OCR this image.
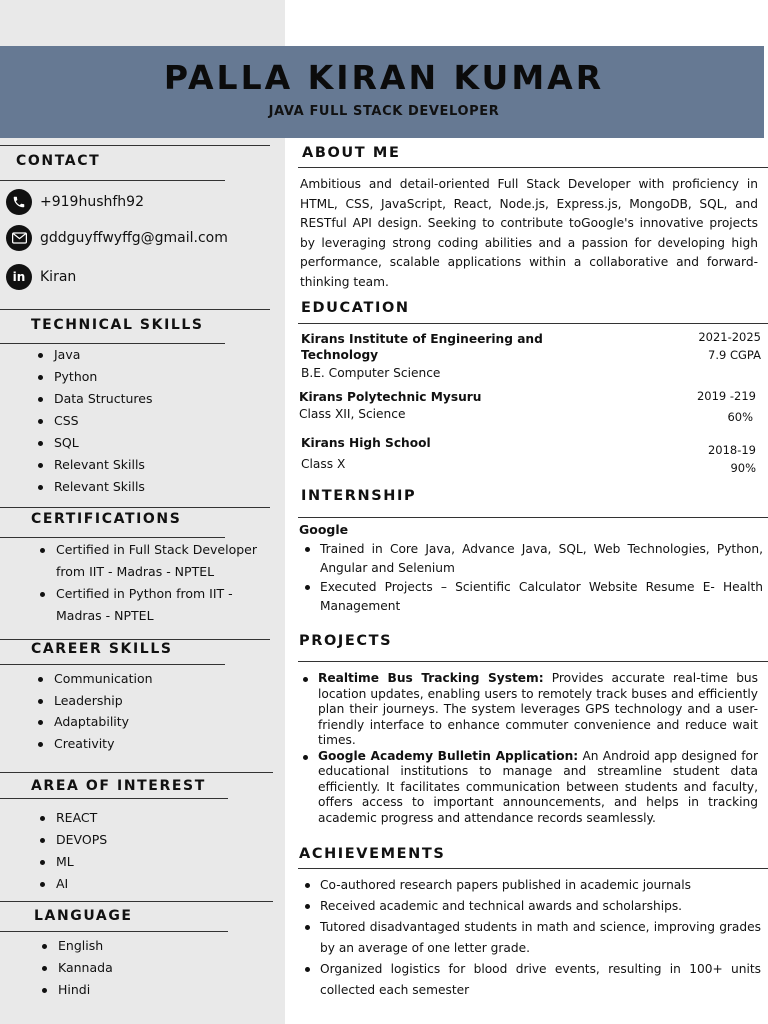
PALLA KIRAN KUMAR
JAVA FULL STACK DEVELOPER
CONTACT
+919hushfh92
gddguyffwyffg@gmail.com
in	Kiran
TECHNICAL SKILLS
Java
Python
Data Structures
CSS
SQL
Relevant Skills
Relevant Skills
CERTIFICATIONS
Certified in Full Stack Developer from IIT - Madras - NPTEL
Certified in Python from IIT - Madras - NPTEL
CAREER SKILLS
Communication
Leadership
Adaptability
Creativity
AREA OF INTEREST
REACT
DEVOPS
ML
AI
LANGUAGE
English
Kannada
Hindi
ABOUT ME
Ambitious and detail-oriented Full Stack Developer with proficiency in HTML, CSS, JavaScript, React, Node.js, Express.js, MongoDB, SQL, and RESTful API design. Seeking to contribute toGoogle's innovative projects by leveraging strong coding abilities and a passion for developing high performance, scalable applications within a collaborative and forward-thinking team.
EDUCATION
Kirans Institute of Engineering and Technology
B.E. Computer Science
2021-2025
7.9 CGPA
Kirans Polytechnic Mysuru
Class XII, Science
2019 -219
60%
Kirans High School
Class X
2018-19
90%
INTERNSHIP
Google
Trained in Core Java, Advance Java, SQL, Web Technologies, Python, Angular and Selenium
Executed Projects – Scientific Calculator Website Resume E- Health Management
PROJECTS
Realtime Bus Tracking System: Provides accurate real-time bus location updates, enabling users to remotely track buses and efficiently plan their journeys. The system leverages GPS technology and a user-friendly interface to enhance commuter convenience and reduce wait times.
Google Academy Bulletin Application: An Android app designed for educational institutions to manage and streamline student data efficiently. It facilitates communication between students and faculty, offers access to important announcements, and helps in tracking academic progress and attendance records seamlessly.
ACHIEVEMENTS
Co-authored research papers published in academic journals
Received academic and technical awards and scholarships.
Tutored disadvantaged students in math and science, improving grades by an average of one letter grade.
Organized logistics for blood drive events, resulting in 100+ units collected each semester
